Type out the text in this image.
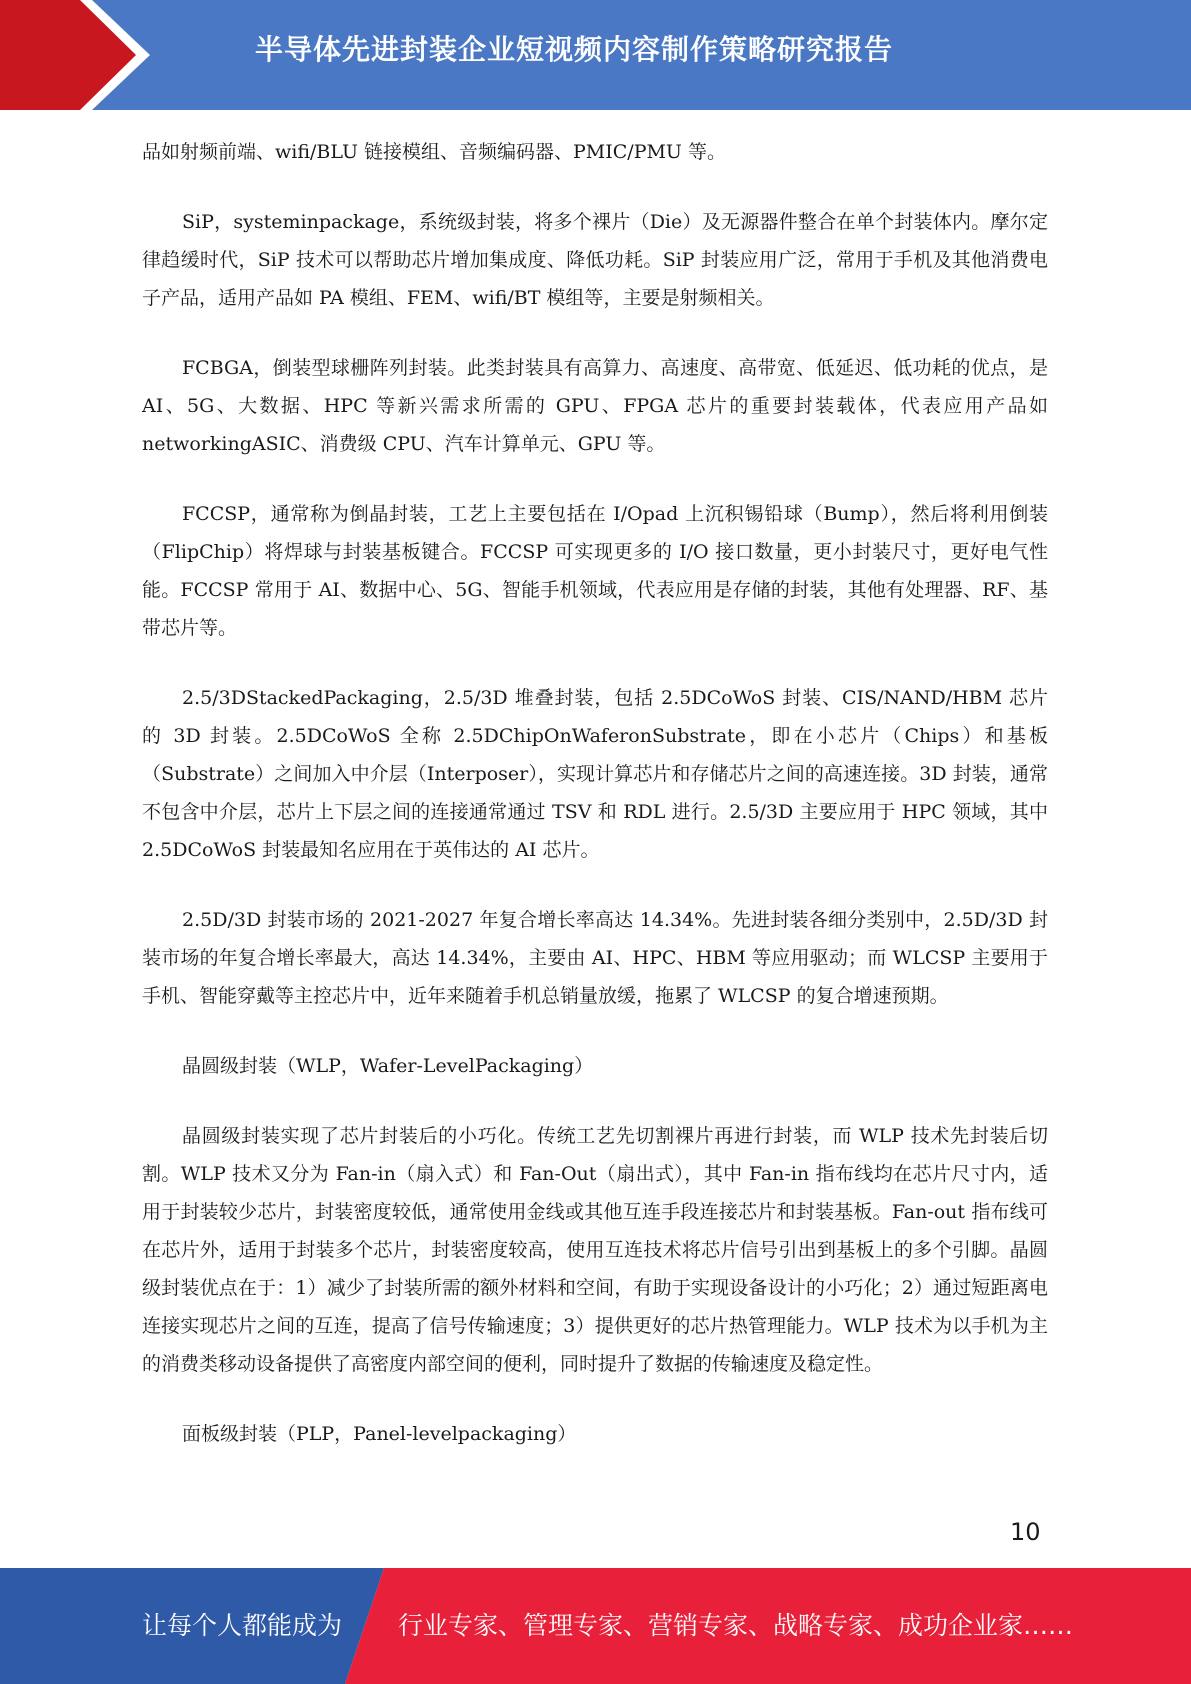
半导体先进封装企业短视频内容制作策略研究报告

品如射频前端、wifi/BLU 链接模组、音频编码器、PMIC/PMU 等。

SiP，systeminpackage，系统级封装，将多个裸片（Die）及无源器件整合在单个封装体内。摩尔定律趋缓时代，SiP 技术可以帮助芯片增加集成度、降低功耗。SiP 封装应用广泛，常用于手机及其他消费电子产品，适用产品如 PA 模组、FEM、wifi/BT 模组等，主要是射频相关。

FCBGA，倒装型球栅阵列封装。此类封装具有高算力、高速度、高带宽、低延迟、低功耗的优点，是 AI、5G、大数据、HPC 等新兴需求所需的 GPU、FPGA 芯片的重要封装载体，代表应用产品如 networkingASIC、消费级 CPU、汽车计算单元、GPU 等。

FCCSP，通常称为倒晶封装，工艺上主要包括在 I/Opad 上沉积锡铅球（Bump），然后将利用倒装（FlipChip）将焊球与封装基板键合。FCCSP 可实现更多的 I/O 接口数量，更小封装尺寸，更好电气性能。FCCSP 常用于 AI、数据中心、5G、智能手机领域，代表应用是存储的封装，其他有处理器、RF、基带芯片等。

2.5/3DStackedPackaging，2.5/3D 堆叠封装，包括 2.5DCoWoS 封装、CIS/NAND/HBM 芯片的 3D 封装。2.5DCoWoS 全称 2.5DChipOnWaferonSubstrate，即在小芯片（Chips）和基板（Substrate）之间加入中介层（Interposer），实现计算芯片和存储芯片之间的高速连接。3D 封装，通常不包含中介层，芯片上下层之间的连接通常通过 TSV 和 RDL 进行。2.5/3D 主要应用于 HPC 领域，其中 2.5DCoWoS 封装最知名应用在于英伟达的 AI 芯片。

2.5D/3D 封装市场的 2021-2027 年复合增长率高达 14.34%。先进封装各细分类别中，2.5D/3D 封装市场的年复合增长率最大，高达 14.34%，主要由 AI、HPC、HBM 等应用驱动；而 WLCSP 主要用于手机、智能穿戴等主控芯片中，近年来随着手机总销量放缓，拖累了 WLCSP 的复合增速预期。

晶圆级封装（WLP，Wafer-LevelPackaging）

晶圆级封装实现了芯片封装后的小巧化。传统工艺先切割裸片再进行封装，而 WLP 技术先封装后切割。WLP 技术又分为 Fan-in（扇入式）和 Fan-Out（扇出式），其中 Fan-in 指布线均在芯片尺寸内，适用于封装较少芯片，封装密度较低，通常使用金线或其他互连手段连接芯片和封装基板。Fan-out 指布线可在芯片外，适用于封装多个芯片，封装密度较高，使用互连技术将芯片信号引出到基板上的多个引脚。晶圆级封装优点在于：1）减少了封装所需的额外材料和空间，有助于实现设备设计的小巧化；2）通过短距离电连接实现芯片之间的互连，提高了信号传输速度；3）提供更好的芯片热管理能力。WLP 技术为以手机为主的消费类移动设备提供了高密度内部空间的便利，同时提升了数据的传输速度及稳定性。

面板级封装（PLP，Panel-levelpackaging）

10
让每个人都能成为 行业专家、管理专家、营销专家、战略专家、成功企业家……
